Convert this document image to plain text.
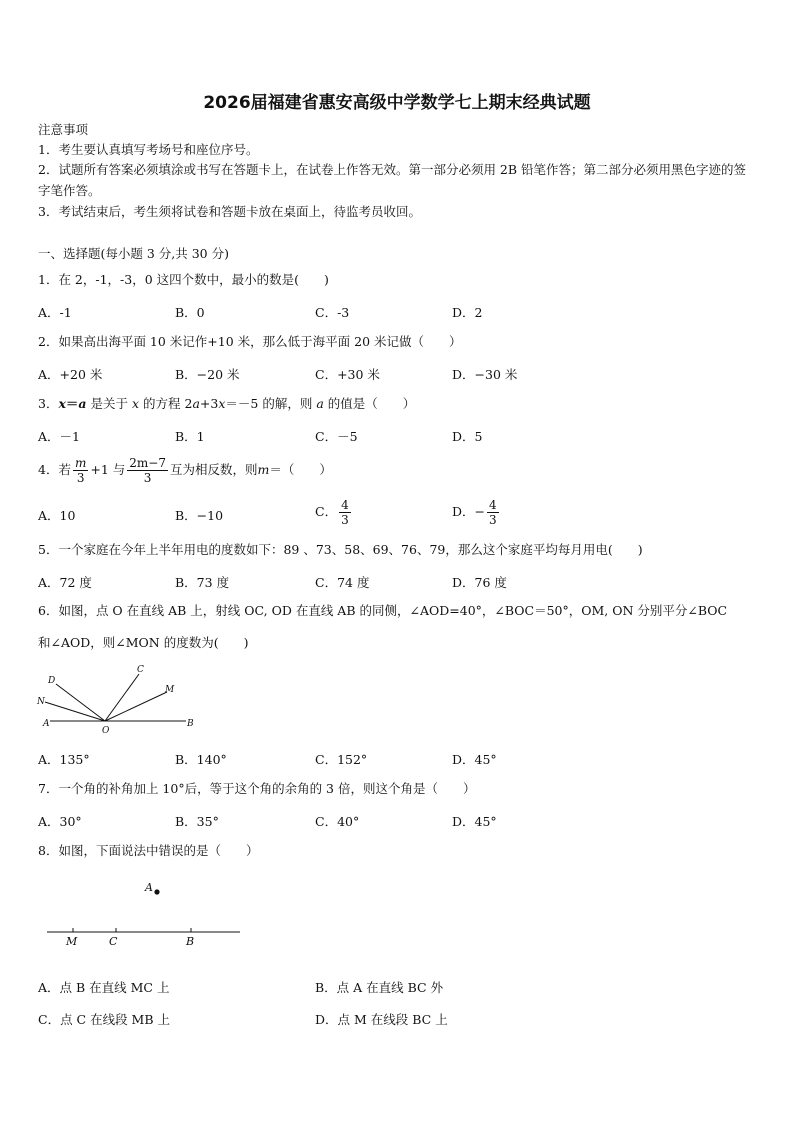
2026届福建省惠安高级中学数学七上期末经典试题
注意事项
1．考生要认真填写考场号和座位序号。
2．试题所有答案必须填涂或书写在答题卡上，在试卷上作答无效。第一部分必须用 2B 铅笔作答；第二部分必须用黑色字迹的签字笔作答。
3．考试结束后，考生须将试卷和答题卡放在桌面上，待监考员收回。
一、选择题(每小题 3 分,共 30 分)
1．在 2，-1，-3，0 这四个数中，最小的数是(　　)
A．-1	B．0	C．-3	D．2
2．如果高出海平面 10 米记作+10 米，那么低于海平面 20 米记做（　　）
A．+20 米	B．−20 米	C．+30 米	D．−30 米
3．x＝a 是关于 x 的方程 2a+3x＝－5 的解，则 a 的值是（　　）
A．－1	B．1	C．－5	D．5
4．若 $\frac{m}{3} +1$ 与 $\frac{2m-7}{3}$ 互为相反数，则m＝（　　）
A．10	B．−10	C． $\frac{4}{3}$	D．− $\frac{4}{3}$
5．一个家庭在今年上半年用电的度数如下：89 、73、58、69、76、79，那么这个家庭平均每月用电(　　)
A．72 度	B．73 度	C．74 度	D．76 度
6．如图，点 O 在直线 AB 上，射线 OC, OD 在直线 AB 的同侧，∠AOD=40°，∠BOC＝50°，OM, ON 分别平分∠BOC
和∠AOD，则∠MON 的度数为(　　)
D
C
N
M
A
O
B
A．135°	B．140°	C．152°	D．45°
7．一个角的补角加上 10°后，等于这个角的余角的 3 倍，则这个角是（　　）
A．30°	B．35°	C．40°	D．45°
8．如图，下面说法中错误的是（　　）
A
M	C	B
A．点 B 在直线 MC 上	B．点 A 在直线 BC 外
C．点 C 在线段 MB 上	D．点 M 在线段 BC 上
